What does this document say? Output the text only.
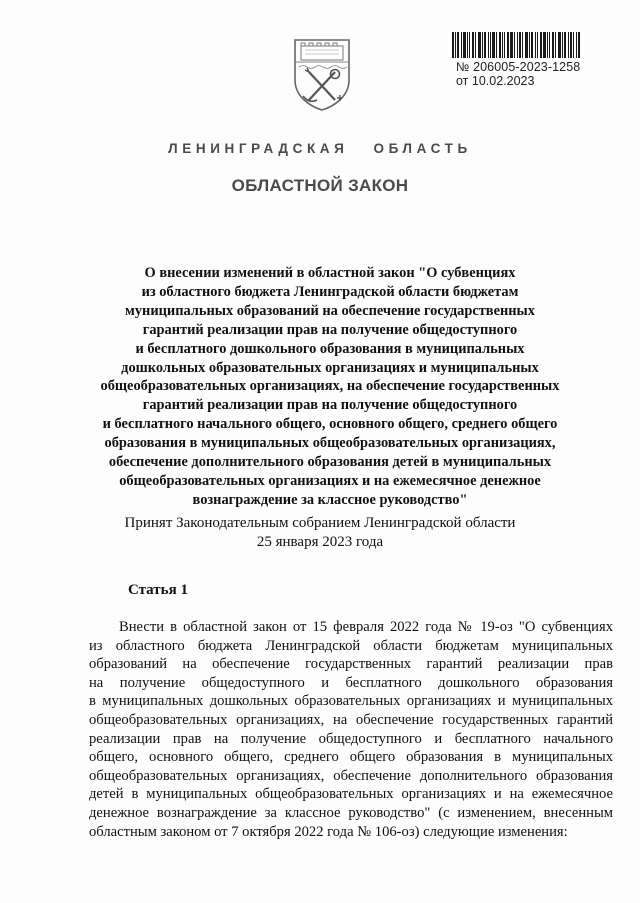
№ 206005-2023-1258
от 10.02.2023
ЛЕНИНГРАДСКАЯ   ОБЛАСТЬ
ОБЛАСТНОЙ ЗАКОН
О внесении изменений в областной закон "О субвенциях
из областного бюджета Ленинградской области бюджетам
муниципальных образований на обеспечение государственных
гарантий реализации прав на получение общедоступного
и бесплатного дошкольного образования в муниципальных
дошкольных образовательных организациях и муниципальных
общеобразовательных организациях, на обеспечение государственных
гарантий реализации прав на получение общедоступного
и бесплатного начального общего, основного общего, среднего общего
образования в муниципальных общеобразовательных организациях,
обеспечение дополнительного образования детей в муниципальных
общеобразовательных организациях и на ежемесячное денежное
вознаграждение за классное руководство"
Принят Законодательным собранием Ленинградской области
25 января 2023 года
Статья 1
Внести в областной закон от 15 февраля 2022 года № 19-оз "О субвенциях
из областного бюджета Ленинградской области бюджетам муниципальных
образований на обеспечение государственных гарантий реализации прав
на получение общедоступного и бесплатного дошкольного образования
в муниципальных дошкольных образовательных организациях и муниципальных
общеобразовательных организациях, на обеспечение государственных гарантий
реализации прав на получение общедоступного и бесплатного начального
общего, основного общего, среднего общего образования в муниципальных
общеобразовательных организациях, обеспечение дополнительного образования
детей в муниципальных общеобразовательных организациях и на ежемесячное
денежное вознаграждение за классное руководство" (с изменением, внесенным
областным законом от 7 октября 2022 года № 106-оз) следующие изменения:
